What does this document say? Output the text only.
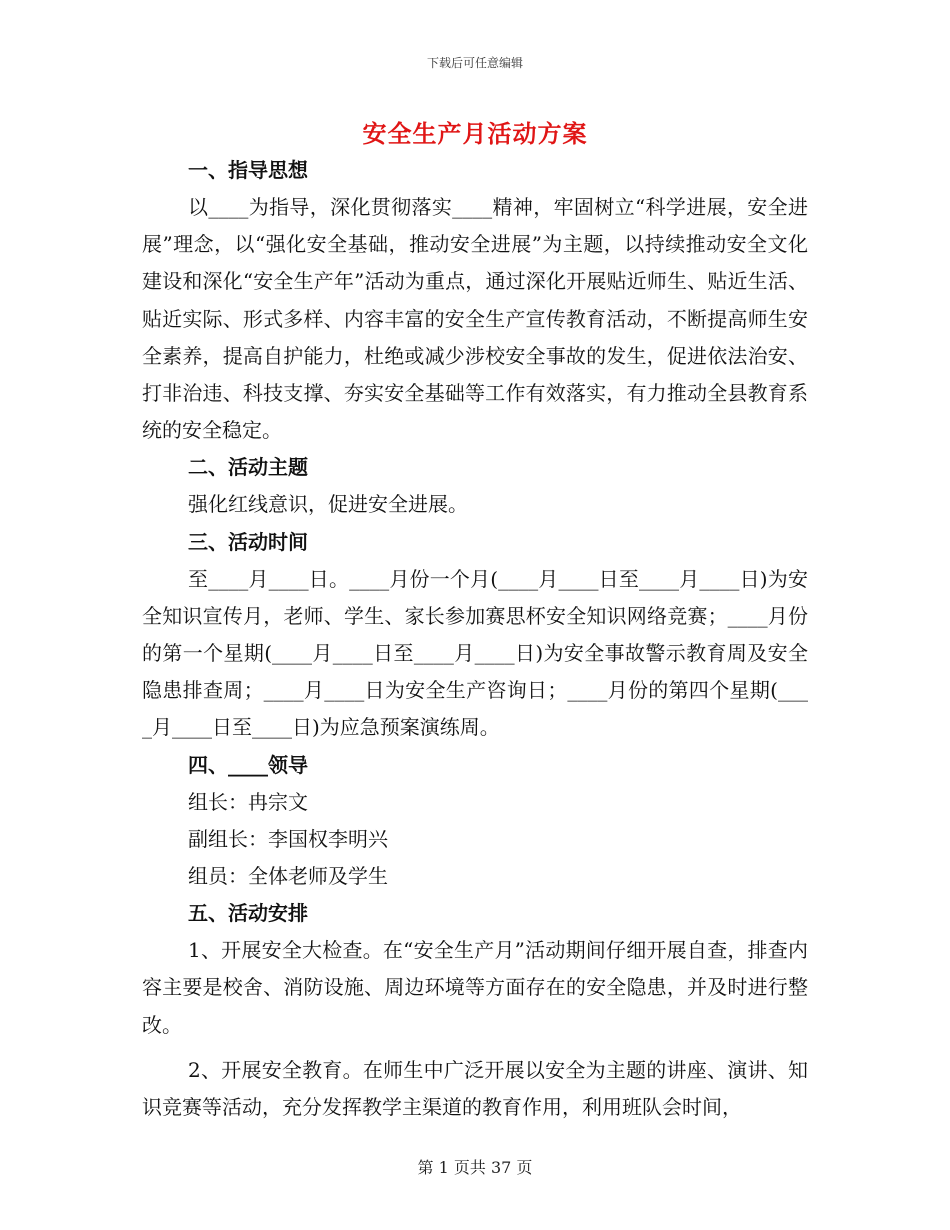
下载后可任意编辑
安全生产月活动方案
一、指导思想

以____为指导，深化贯彻落实____精神，牢固树立“科学进展，安全进展”理念，以“强化安全基础，推动安全进展”为主题，以持续推动安全文化建设和深化“安全生产年”活动为重点，通过深化开展贴近师生、贴近生活、贴近实际、形式多样、内容丰富的安全生产宣传教育活动，不断提高师生安全素养，提高自护能力，杜绝或减少涉校安全事故的发生，促进依法治安、打非治违、科技支撑、夯实安全基础等工作有效落实，有力推动全县教育系统的安全稳定。

二、活动主题

强化红线意识，促进安全进展。

三、活动时间

至____月____日。____月份一个月(____月____日至____月____日)为安全知识宣传月，老师、学生、家长参加赛思杯安全知识网络竞赛；____月份的第一个星期(____月____日至____月____日)为安全事故警示教育周及安全隐患排查周；____月____日为安全生产咨询日；____月份的第四个星期(____月____日至____日)为应急预案演练周。

四、____领导

组长：冉宗文

副组长：李国权李明兴

组员：全体老师及学生

五、活动安排

1、开展安全大检查。在“安全生产月”活动期间仔细开展自查，排查内容主要是校舍、消防设施、周边环境等方面存在的安全隐患，并及时进行整改。

2、开展安全教育。在师生中广泛开展以安全为主题的讲座、演讲、知识竞赛等活动，充分发挥教学主渠道的教育作用，利用班队会时间，

第 1 页共 37 页
